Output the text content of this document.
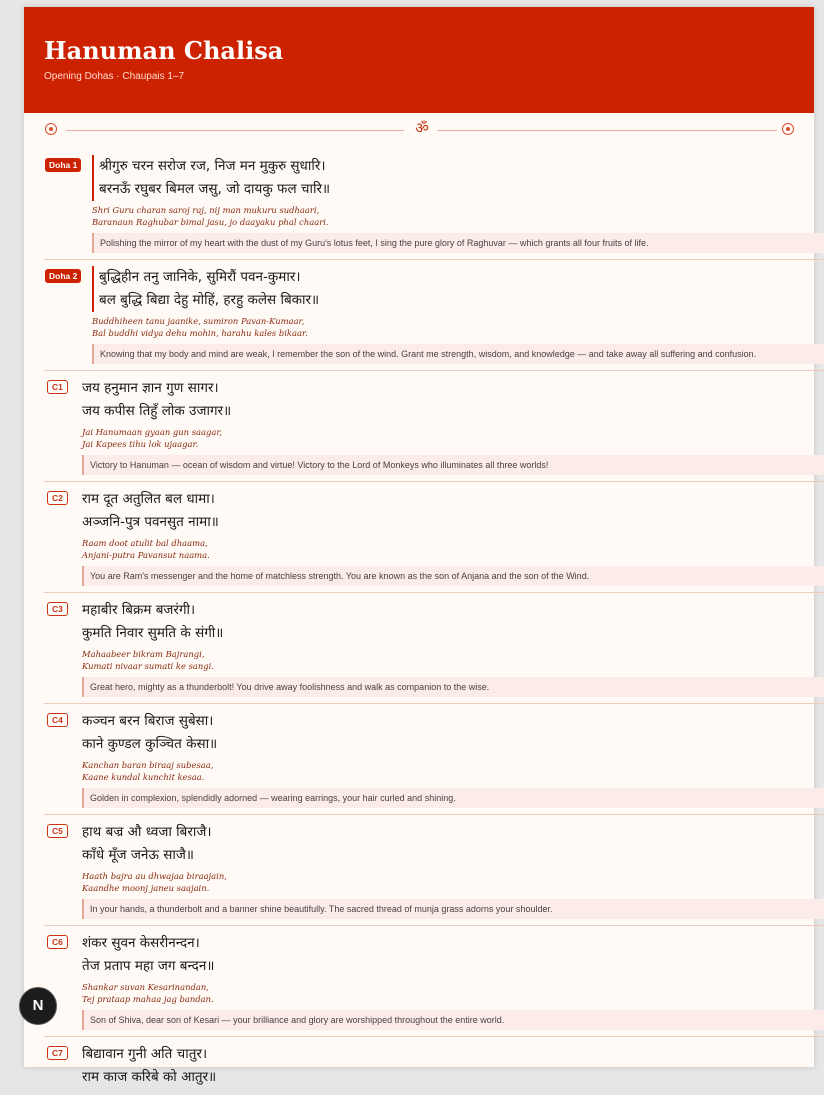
Hanuman Chalisa
Opening Dohas · Chaupais 1–7
ॐ
Doha 1 श्रीगुरु चरन सरोज रज, निज मन मुकुरु सुधारि।
बरनऊँ रघुबर बिमल जसु, जो दायकु फल चारि॥
Shri Guru charan saroj raj, nij man mukuru sudhaari,
Baranaun Raghubar bimal jasu, jo daayaku phal chaari.
Polishing the mirror of my heart with the dust of my Guru's lotus feet, I sing the pure glory of Raghuvar — which grants all four fruits of life.
Doha 2 बुद्धिहीन तनु जानिके, सुमिरौं पवन-कुमार।
बल बुद्धि बिद्या देहु मोहिं, हरहु कलेस बिकार॥
Buddhiheen tanu jaanike, sumiron Pavan-Kumaar,
Bal buddhi vidya dehu mohin, harahu kales bikaar.
Knowing that my body and mind are weak, I remember the son of the wind. Grant me strength, wisdom, and knowledge — and take away all suffering and confusion.
C1	जय हनुमान ज्ञान गुण सागर।
जय कपीस तिहुँ लोक उजागर॥
Jai Hanumaan gyaan gun saagar,
Jai Kapees tihu lok ujaagar.
Victory to Hanuman — ocean of wisdom and virtue! Victory to the Lord of Monkeys who illuminates all three worlds!
C2	राम दूत अतुलित बल धामा।
अञ्जनि-पुत्र पवनसुत नामा॥
Raam doot atulit bal dhaama,
Anjani-putra Pavansut naama.
You are Ram's messenger and the home of matchless strength. You are known as the son of Anjana and the son of the Wind.
C3	महाबीर बिक्रम बजरंगी।
कुमति निवार सुमति के संगी॥
Mahaabeer bikram Bajrangi,
Kumati nivaar sumati ke sangi.
Great hero, mighty as a thunderbolt! You drive away foolishness and walk as companion to the wise.
C4	कञ्चन बरन बिराज सुबेसा।
काने कुण्डल कुञ्चित केसा॥
Kanchan baran biraaj subesaa,
Kaane kundal kunchit kesaa.
Golden in complexion, splendidly adorned — wearing earrings, your hair curled and shining.
C5	हाथ बज्र औ ध्वजा बिराजै।
काँधे मूँज जनेऊ साजै॥
Haath bajra au dhwajaa biraajain,
Kaandhe moonj janeu saajain.
In your hands, a thunderbolt and a banner shine beautifully. The sacred thread of munja grass adorns your shoulder.
C6	शंकर सुवन केसरीनन्दन।
तेज प्रताप महा जग बन्दन॥
Shankar suvan Kesarinandan,
Tej prataap mahaa jag bandan.
Son of Shiva, dear son of Kesari — your brilliance and glory are worshipped throughout the entire world.
C7	बिद्यावान गुनी अति चातुर।
राम काज करिबे को आतुर॥
N
